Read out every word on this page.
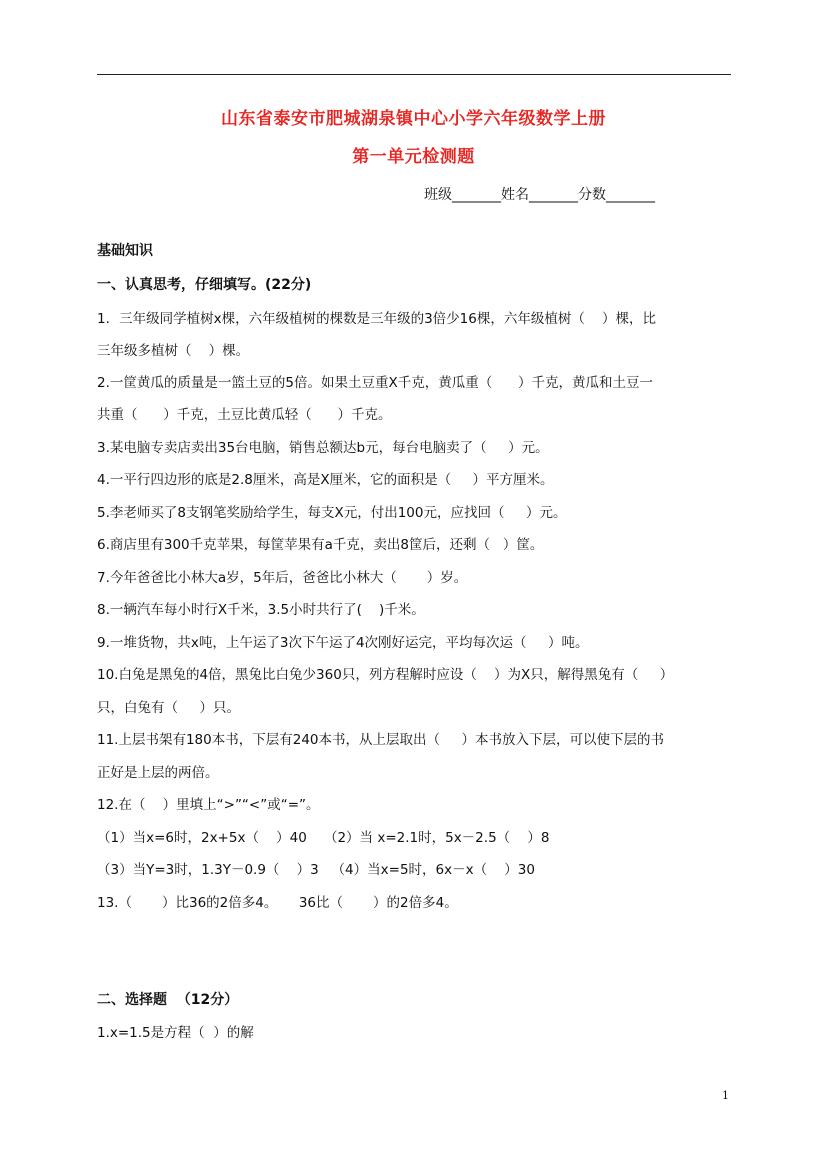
山东省泰安市肥城湖泉镇中心小学六年级数学上册
第一单元检测题
班级_______姓名_______分数_______
基础知识
一、认真思考，仔细填写。(22分)
1．三年级同学植树x棵，六年级植树的棵数是三年级的3倍少16棵，六年级植树（    ）棵，比
三年级多植树（    ）棵。
2.一筐黄瓜的质量是一篮土豆的5倍。如果土豆重X千克，黄瓜重（      ）千克，黄瓜和土豆一
共重（      ）千克，土豆比黄瓜轻（      ）千克。
3.某电脑专卖店卖出35台电脑，销售总额达b元，每台电脑卖了（     ）元。
4.一平行四边形的底是2.8厘米，高是X厘米，它的面积是（     ）平方厘米。
5.李老师买了8支钢笔奖励给学生，每支X元，付出100元，应找回（     ）元。
6.商店里有300千克苹果，每筐苹果有a千克，卖出8筐后，还剩（   ）筐。
7.今年爸爸比小林大a岁，5年后，爸爸比小林大（       ）岁。
8.一辆汽车每小时行X千米，3.5小时共行了(    )千米。
9.一堆货物，共x吨，上午运了3次下午运了4次刚好运完，平均每次运（     ）吨。
10.白兔是黑兔的4倍，黑兔比白兔少360只，列方程解时应设（    ）为X只，解得黑兔有（     ）
只，白兔有（     ）只。
11.上层书架有180本书，下层有240本书，从上层取出（     ）本书放入下层，可以使下层的书
正好是上层的两倍。
12.在（    ）里填上“>”“<”或“=”。
（1）当x=6时，2x+5x（    ）40    （2）当 x=2.1时，5x－2.5（    ）8
（3）当Y=3时，1.3Y－0.9（    ）3   （4）当x=5时，6x－x（    ）30
13.（       ）比36的2倍多4。     36比（       ）的2倍多4。
二、选择题  （12分）
1.x=1.5是方程（  ）的解
1
